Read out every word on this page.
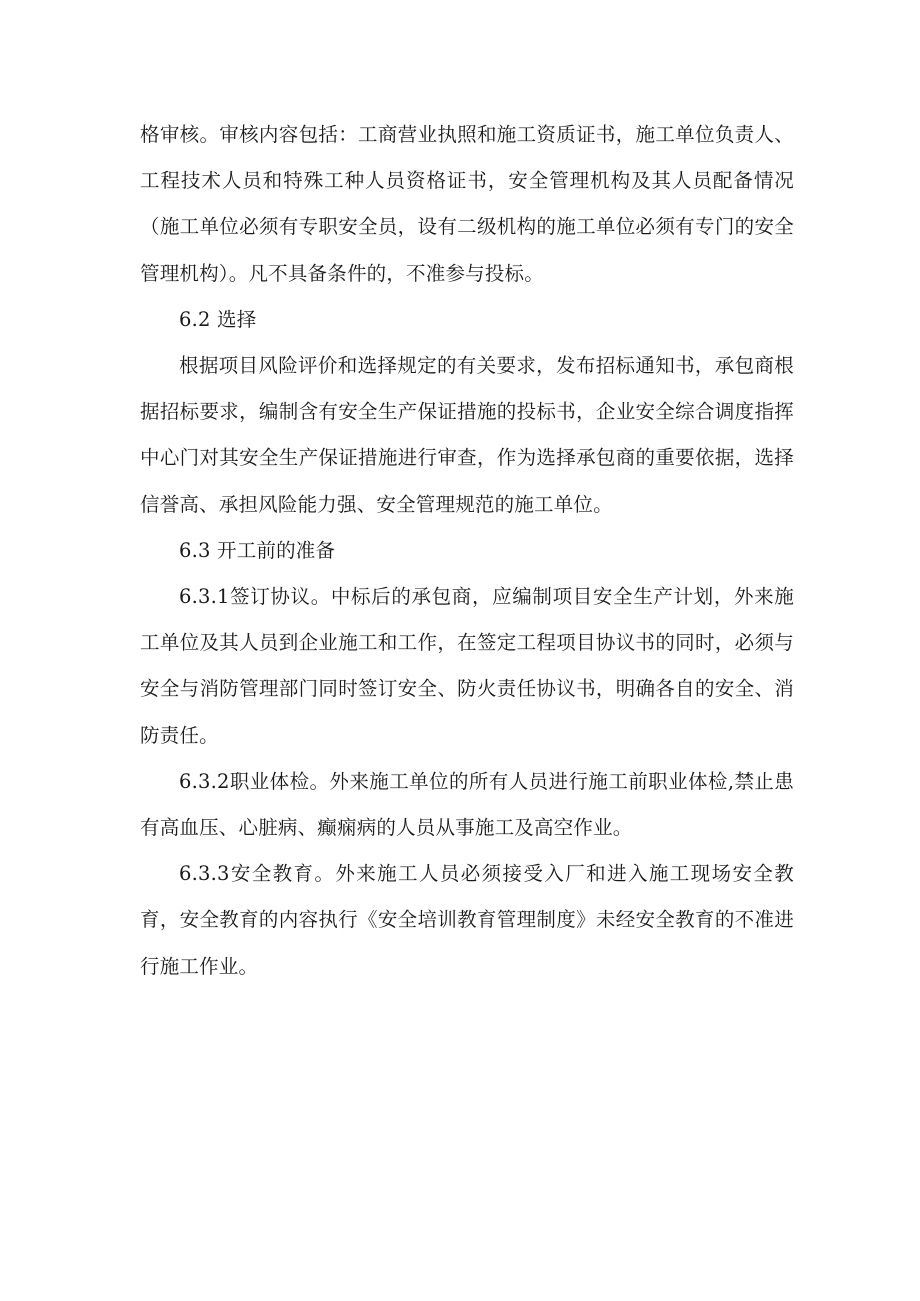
格审核。审核内容包括：工商营业执照和施工资质证书，施工单位负责人、工程技术人员和特殊工种人员资格证书，安全管理机构及其人员配备情况（施工单位必须有专职安全员，设有二级机构的施工单位必须有专门的安全管理机构）。凡不具备条件的，不准参与投标。

6.2 选择

根据项目风险评价和选择规定的有关要求，发布招标通知书，承包商根据招标要求，编制含有安全生产保证措施的投标书，企业安全综合调度指挥中心门对其安全生产保证措施进行审查，作为选择承包商的重要依据，选择信誉高、承担风险能力强、安全管理规范的施工单位。

6.3 开工前的准备

6.3.1签订协议。中标后的承包商，应编制项目安全生产计划，外来施工单位及其人员到企业施工和工作，在签定工程项目协议书的同时，必须与安全与消防管理部门同时签订安全、防火责任协议书，明确各自的安全、消防责任。

6.3.2职业体检。外来施工单位的所有人员进行施工前职业体检,禁止患有高血压、心脏病、癫痫病的人员从事施工及高空作业。

6.3.3安全教育。外来施工人员必须接受入厂和进入施工现场安全教育，安全教育的内容执行《安全培训教育管理制度》未经安全教育的不准进行施工作业。
